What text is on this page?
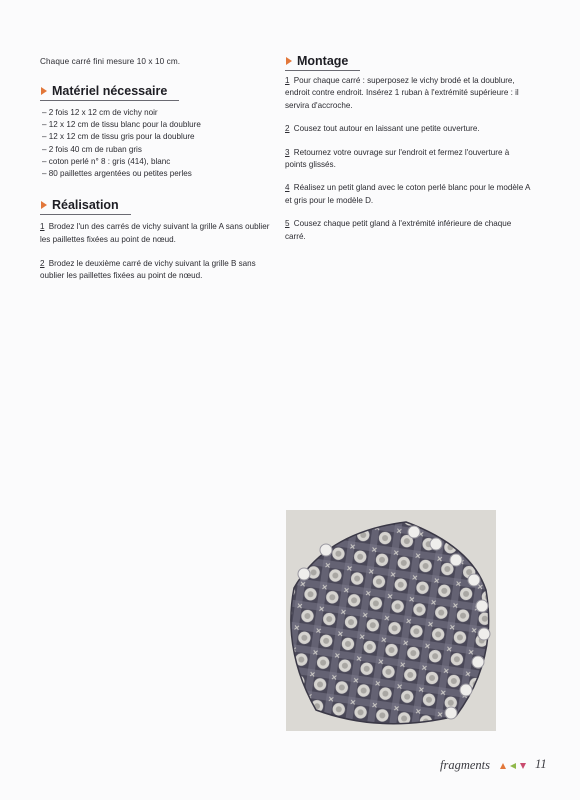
Chaque carré fini mesure 10 x 10 cm.
Matériel nécessaire
– 2 fois 12 x 12 cm de vichy noir
– 12 x 12 cm de tissu blanc pour la doublure
– 12 x 12 cm de tissu gris pour la doublure
– 2 fois 40 cm de ruban gris
– coton perlé n° 8 : gris (414), blanc
– 80 paillettes argentées ou petites perles
Réalisation
1 Brodez l'un des carrés de vichy suivant la grille A sans oublier les paillettes fixées au point de nœud.
2 Brodez le deuxième carré de vichy suivant la grille B sans oublier les paillettes fixées au point de nœud.
Montage
1 Pour chaque carré : superposez le vichy brodé et la doublure, endroit contre endroit. Insérez 1 ruban à l'extrémité supérieure : il servira d'accroche.
2 Cousez tout autour en laissant une petite ouverture.
3 Retournez votre ouvrage sur l'endroit et fermez l'ouverture à points glissés.
4 Réalisez un petit gland avec le coton perlé blanc pour le modèle A et gris pour le modèle D.
5 Cousez chaque petit gland à l'extrémité inférieure de chaque carré.
fragments	11
